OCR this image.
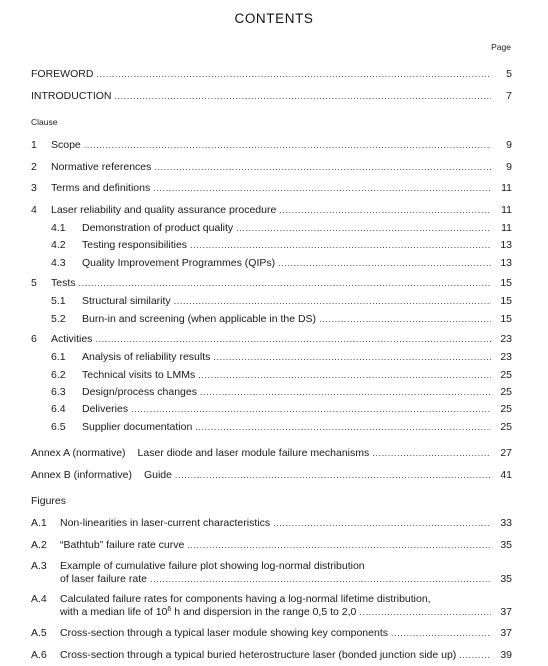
CONTENTS
Page
FOREWORD .....	5
INTRODUCTION .....	7
Clause
1	Scope .....	9
2	Normative references .....	9
3	Terms and definitions .....	11
4	Laser reliability and quality assurance procedure .....	11
4.1	Demonstration of product quality .....	11
4.2	Testing responsibilities .....	13
4.3	Quality Improvement Programmes (QIPs) .....	13
5	Tests .....	15
5.1	Structural similarity .....	15
5.2	Burn-in and screening (when applicable in the DS) .....	15
6	Activities .....	23
6.1	Analysis of reliability results .....	23
6.2	Technical visits to LMMs .....	25
6.3	Design/process changes .....	25
6.4	Deliveries .....	25
6.5	Supplier documentation .....	25
Annex A (normative) Laser diode and laser module failure mechanisms .....	27
Annex B (informative) Guide .....	41
Figures
A.1	Non-linearities in laser-current characteristics .....	33
A.2	“Bathtub” failure rate curve .....	35
A.3	Example of cumulative failure plot showing log-normal distribution
of laser failure rate .....	35
A.4	Calculated failure rates for components having a log-normal lifetime distribution,
with a median life of $10^6$ h and dispersion in the range 0,5 to 2,0 .....	37
A.5	Cross-section through a typical laser module showing key components .....	37
A.6	Cross-section through a typical buried heterostructure laser (bonded junction side up) .....	39
